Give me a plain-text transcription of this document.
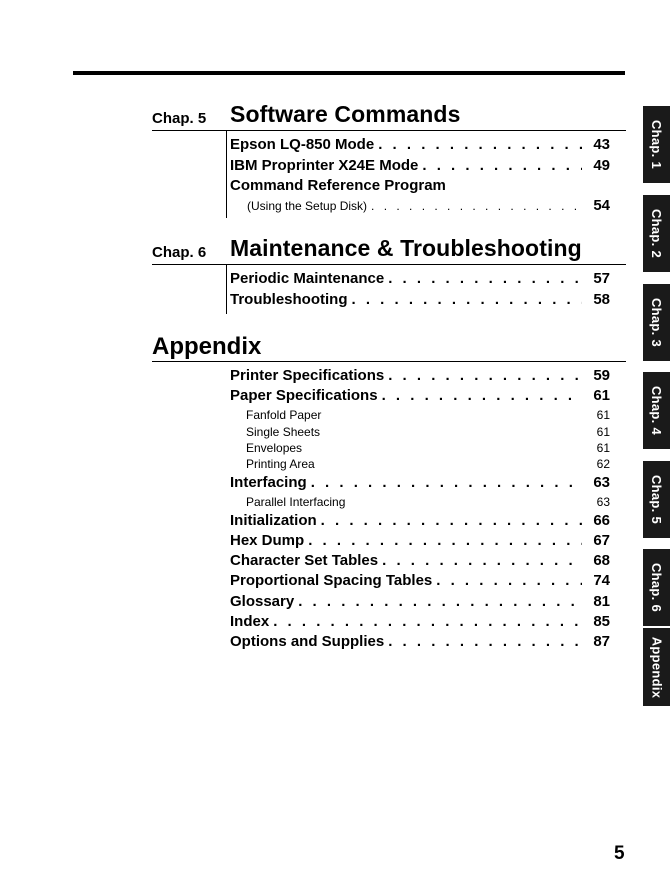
Chap. 5 Software Commands
Epson LQ-850 Mode . . .	43
IBM Proprinter X24E Mode . . .	49
Command Reference Program
(Using the Setup Disk) . . .	54
Chap. 6 Maintenance & Troubleshooting
Periodic Maintenance . . .	57
Troubleshooting . . .	58
Appendix
Printer Specifications . . .	59
Paper Specifications . . .	61
Fanfold Paper	61
Single Sheets	61
Envelopes	61
Printing Area	62
Interfacing . . .	63
Parallel Interfacing	63
Initialization . . .	66
Hex Dump . . .	67
Character Set Tables . . .	68
Proportional Spacing Tables . . .	74
Glossary . . .	81
Index . . .	85
Options and Supplies . . .	87
Chap. 1
Chap. 2
Chap. 3
Chap. 4
Chap. 5
Chap. 6
Appendix
5
